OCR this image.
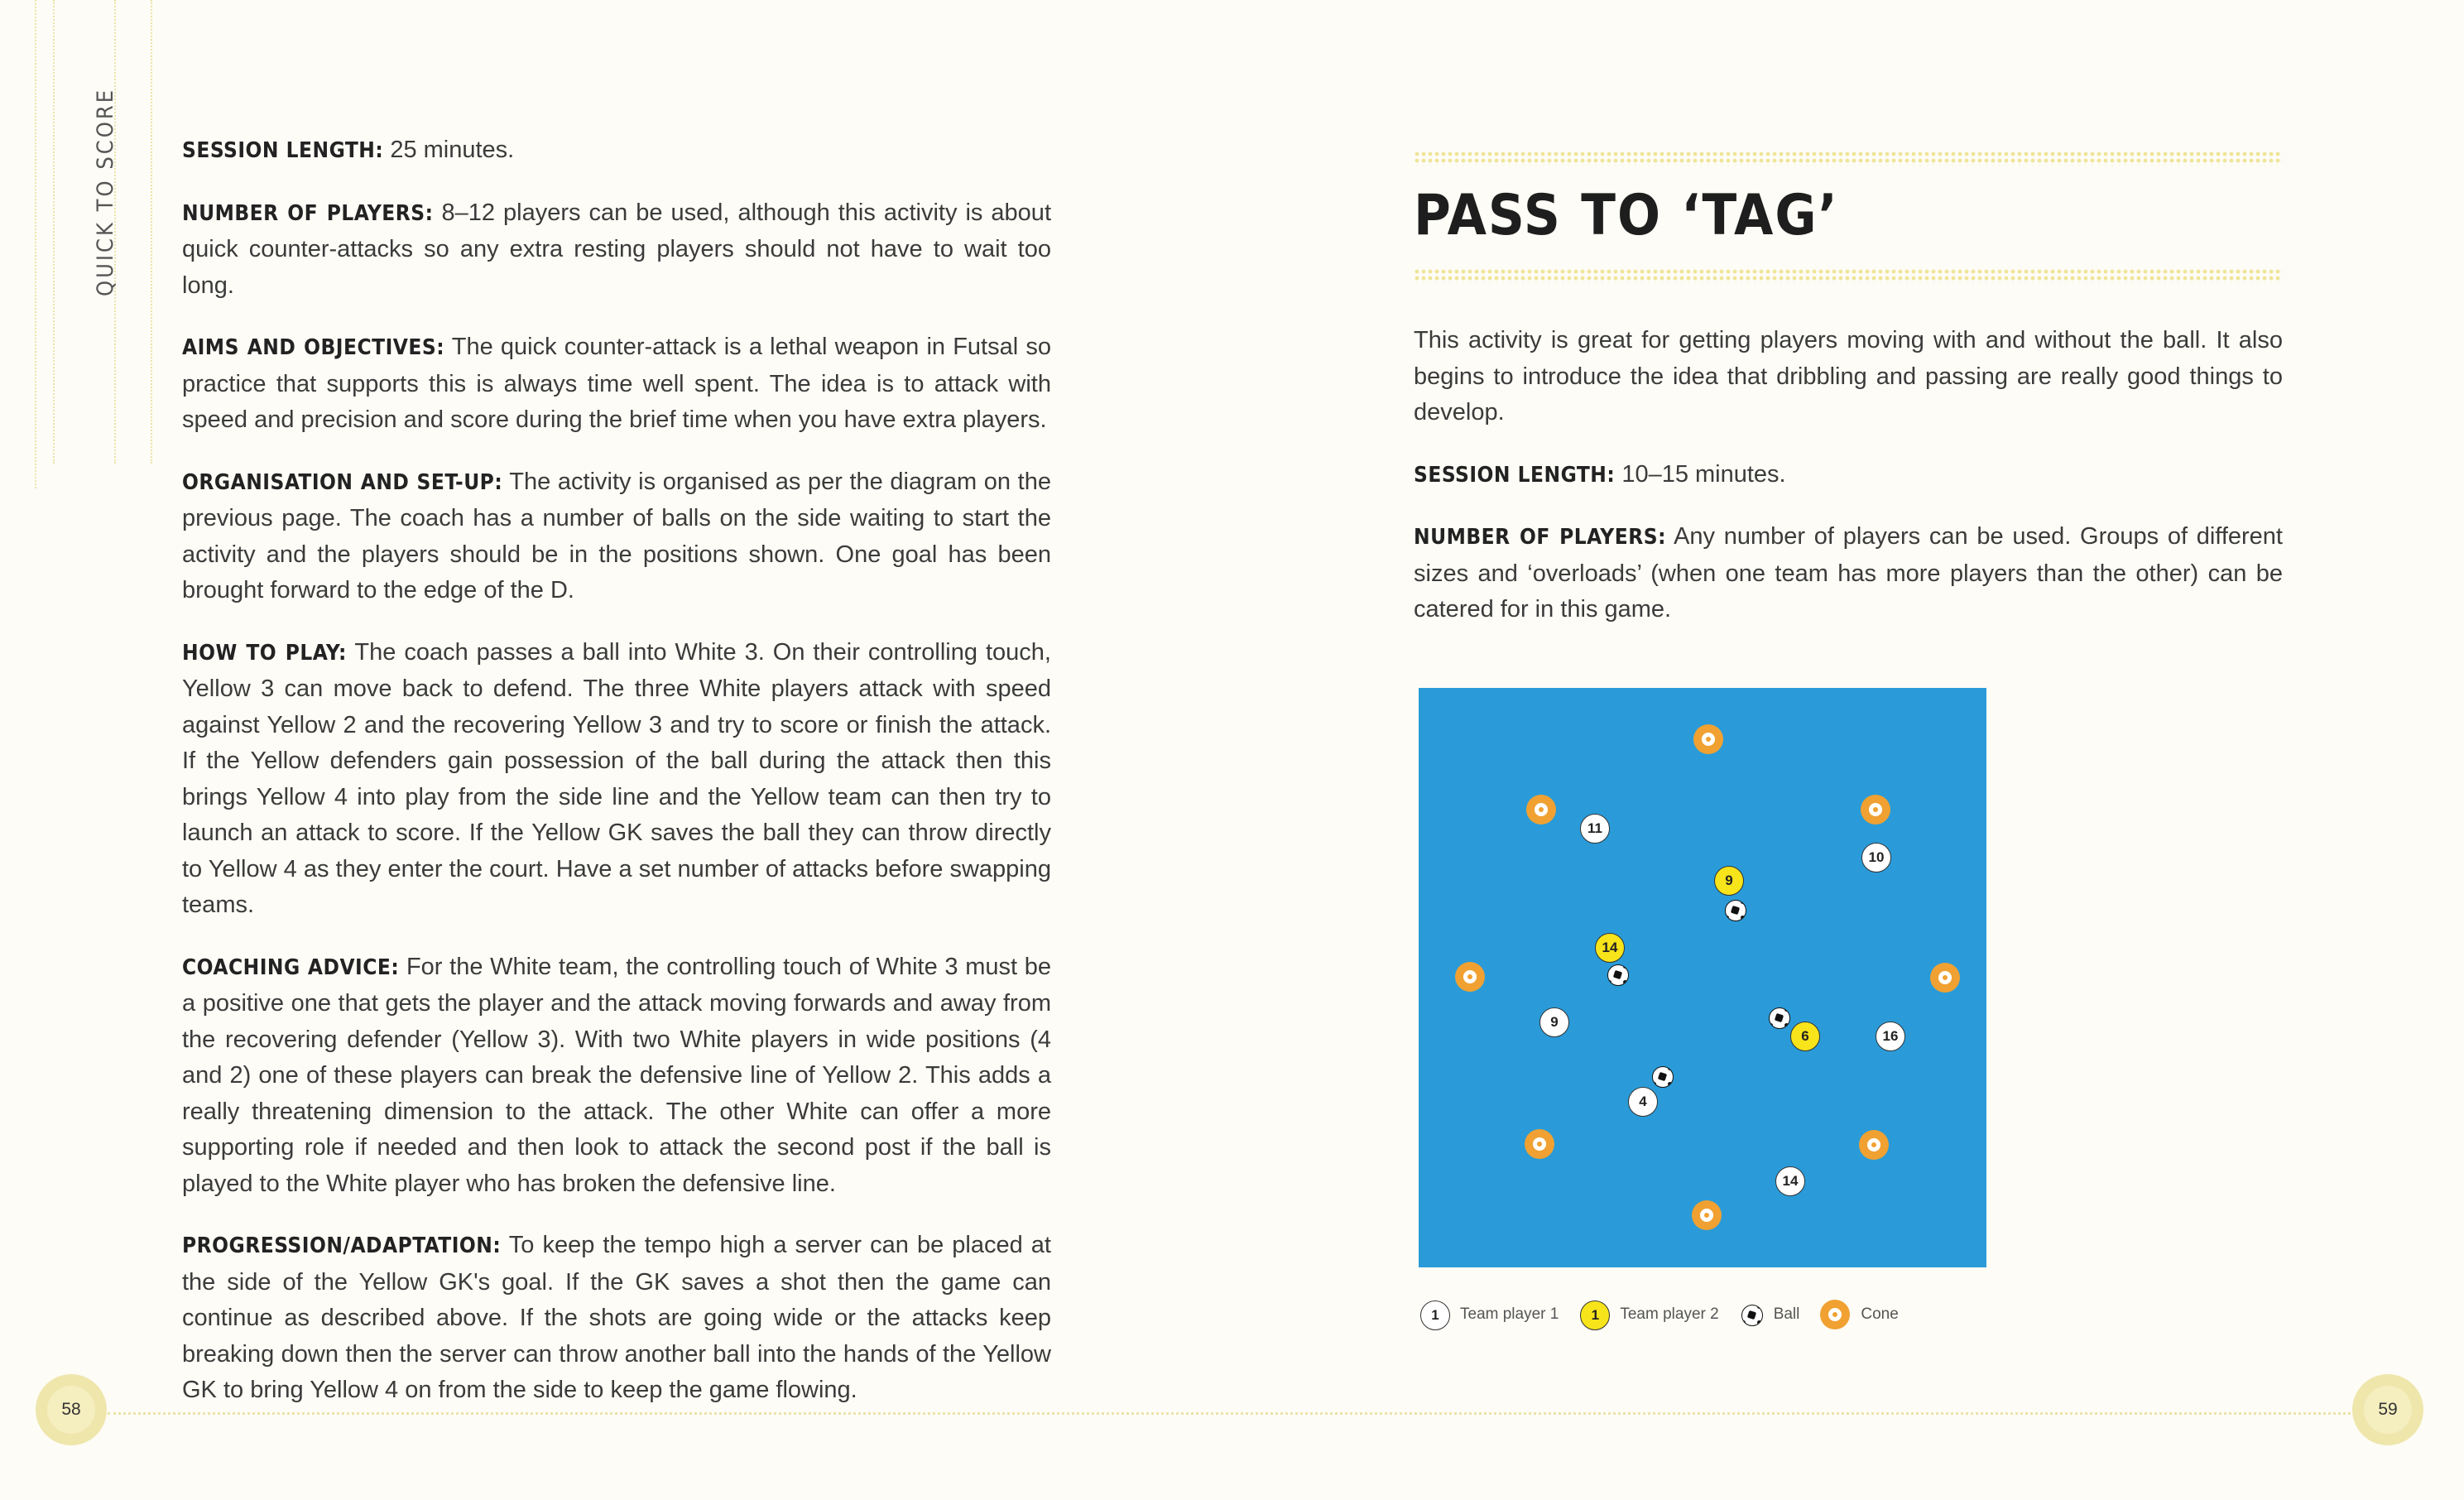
QUICK TO SCORE	SESSION LENGTH: 25 minutes.

NUMBER OF PLAYERS: 8–12 players can be used, although this activity is about quick counter-attacks so any extra resting players should not have to wait too long.

AIMS AND OBJECTIVES: The quick counter-attack is a lethal weapon in Futsal so practice that supports this is always time well spent. The idea is to attack with speed and precision and score during the brief time when you have extra players.

ORGANISATION AND SET-UP: The activity is organised as per the diagram on the previous page. The coach has a number of balls on the side waiting to start the activity and the players should be in the positions shown. One goal has been brought forward to the edge of the D.

HOW TO PLAY: The coach passes a ball into White 3. On their controlling touch, Yellow 3 can move back to defend. The three White players attack with speed against Yellow 2 and the recovering Yellow 3 and try to score or finish the attack. If the Yellow defenders gain possession of the ball during the attack then this brings Yellow 4 into play from the side line and the Yellow team can then try to launch an attack to score. If the Yellow GK saves the ball they can throw directly to Yellow 4 as they enter the court. Have a set number of attacks before swapping teams.

COACHING ADVICE: For the White team, the controlling touch of White 3 must be a positive one that gets the player and the attack moving forwards and away from the recovering defender (Yellow 3). With two White players in wide positions (4 and 2) one of these players can break the defensive line of Yellow 2. This adds a really threatening dimension to the attack. The other White can offer a more supporting role if needed and then look to attack the second post if the ball is played to the White player who has broken the defensive line.

PROGRESSION/ADAPTATION: To keep the tempo high a server can be placed at the side of the Yellow GK's goal. If the GK saves a shot then the game can continue as described above. If the shots are going wide or the attacks keep breaking down then the server can throw another ball into the hands of the Yellow GK to bring Yellow 4 on from the side to keep the game flowing.

PASS TO ‘TAG’

This activity is great for getting players moving with and without the ball. It also begins to introduce the idea that dribbling and passing are really good things to develop.

SESSION LENGTH: 10–15 minutes.

NUMBER OF PLAYERS: Any number of players can be used. Groups of different sizes and ‘overloads’ (when one team has more players than the other) can be catered for in this game.

11
10
9
16
4
14
9
14
6
1	Team player 1	1	Team player 2	Ball	Cone
58	59
